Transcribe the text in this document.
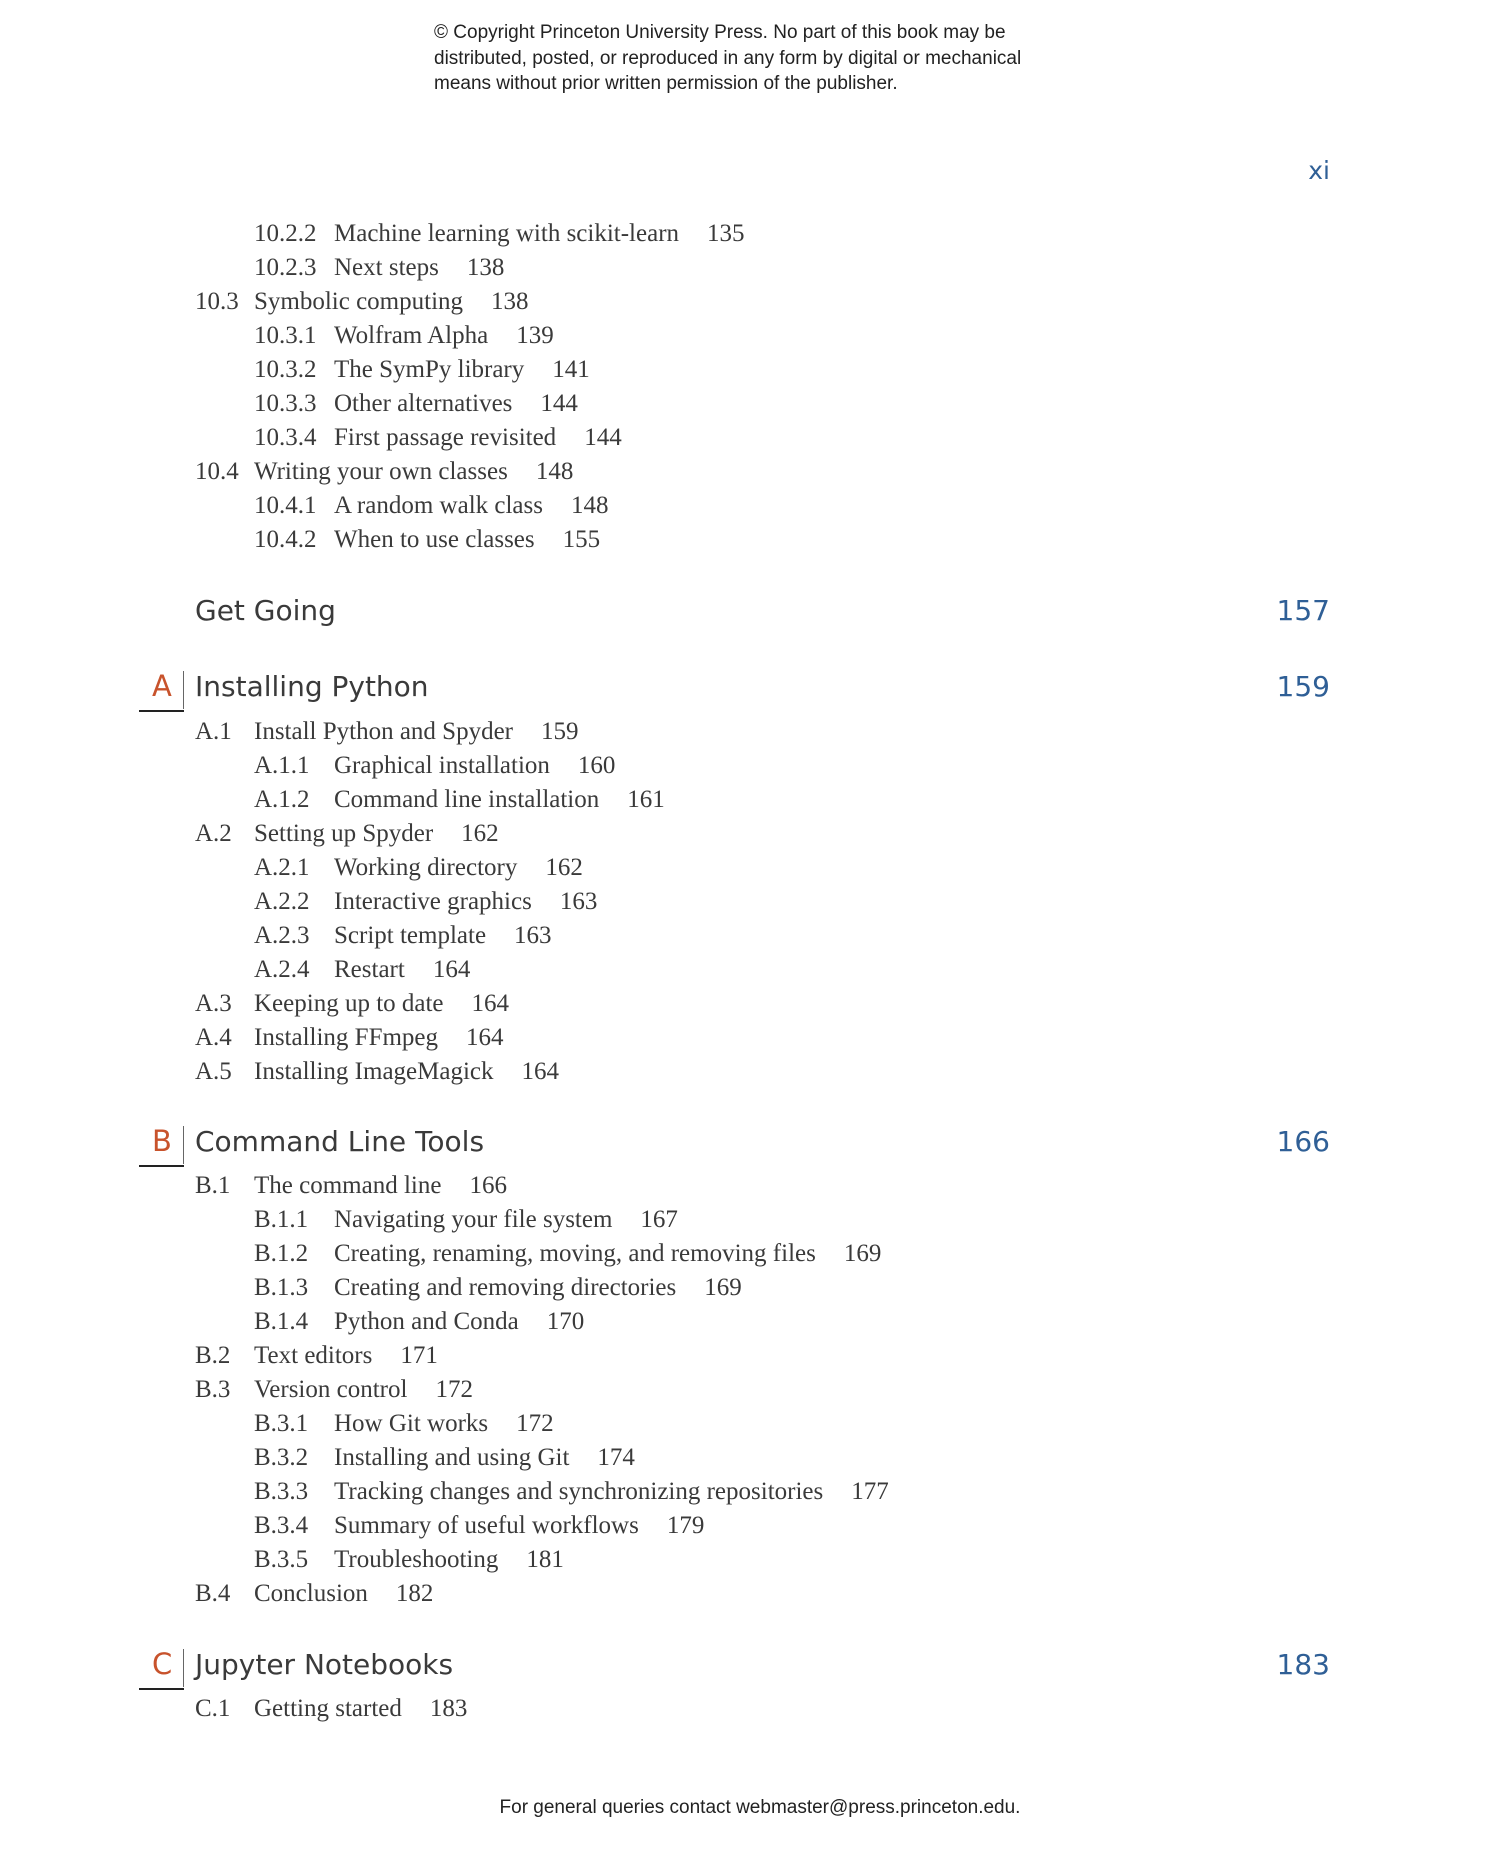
© Copyright Princeton University Press. No part of this book may be
distributed, posted, or reproduced in any form by digital or mechanical
means without prior written permission of the publisher.
xi
10.2.2 Machine learning with scikit-learn 135
10.2.3 Next steps 138
10.3 Symbolic computing 138
10.3.1 Wolfram Alpha 139
10.3.2 The SymPy library 141
10.3.3 Other alternatives 144
10.3.4 First passage revisited 144
10.4 Writing your own classes 148
10.4.1 A random walk class 148
10.4.2 When to use classes 155
Get Going	157
A Installing Python	159
A.1 Install Python and Spyder 159
A.1.1 Graphical installation 160
A.1.2 Command line installation 161
A.2 Setting up Spyder 162
A.2.1 Working directory 162
A.2.2 Interactive graphics 163
A.2.3 Script template 163
A.2.4 Restart 164
A.3 Keeping up to date 164
A.4 Installing FFmpeg 164
A.5 Installing ImageMagick 164
B Command Line Tools	166
B.1 The command line 166
B.1.1 Navigating your file system 167
B.1.2 Creating, renaming, moving, and removing files 169
B.1.3 Creating and removing directories 169
B.1.4 Python and Conda 170
B.2 Text editors 171
B.3 Version control 172
B.3.1 How Git works 172
B.3.2 Installing and using Git 174
B.3.3 Tracking changes and synchronizing repositories 177
B.3.4 Summary of useful workflows 179
B.3.5 Troubleshooting 181
B.4 Conclusion 182
C Jupyter Notebooks	183
C.1 Getting started 183
For general queries contact webmaster@press.princeton.edu.
